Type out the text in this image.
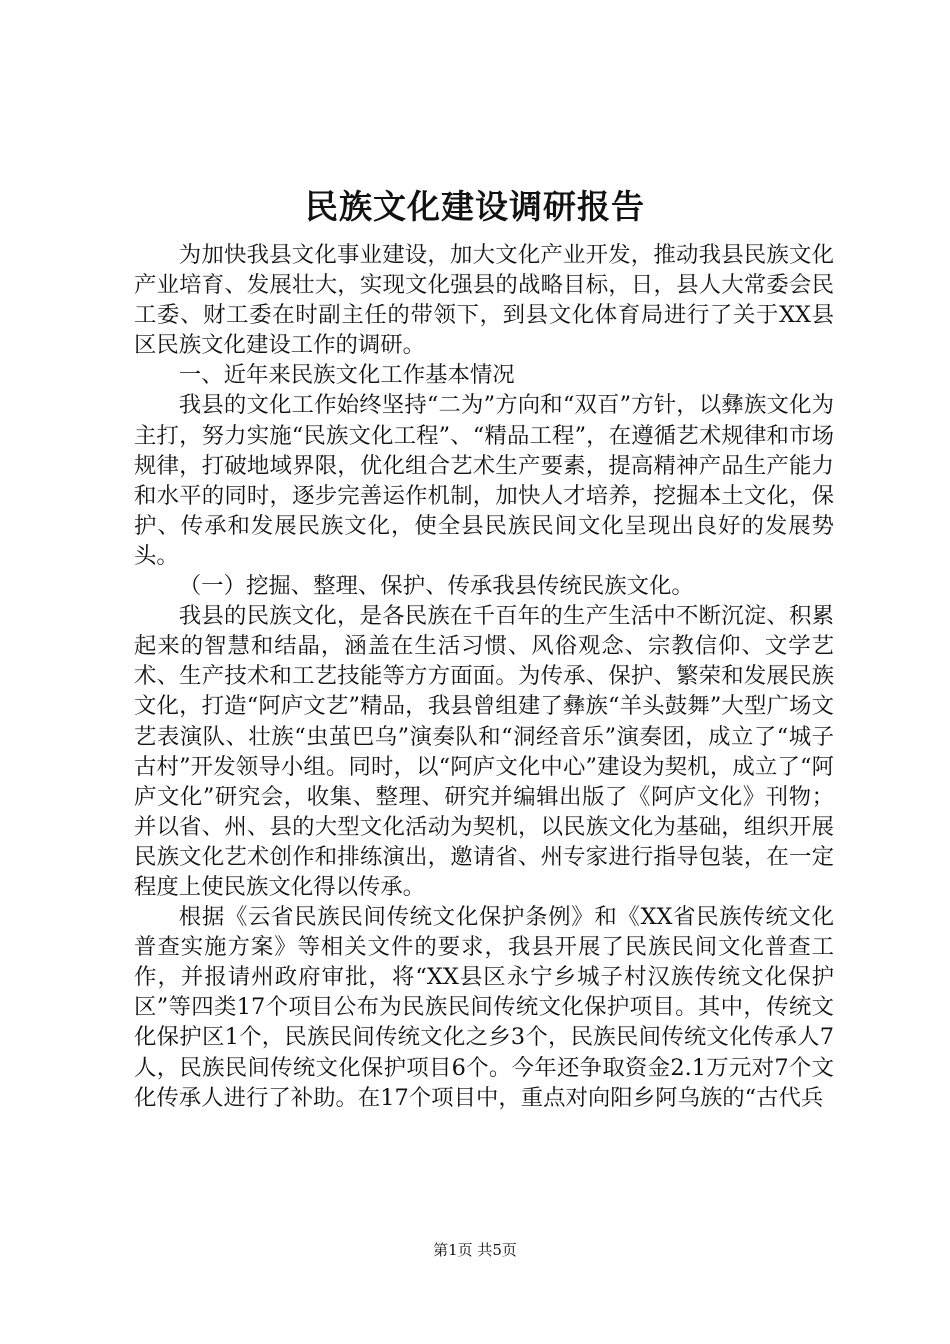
民族文化建设调研报告

为加快我县文化事业建设，加大文化产业开发，推动我县民族文化产业培育、发展壮大，实现文化强县的战略目标，日，县人大常委会民工委、财工委在时副主任的带领下，到县文化体育局进行了关于XX县区民族文化建设工作的调研。

一、近年来民族文化工作基本情况

我县的文化工作始终坚持“二为”方向和“双百”方针，以彝族文化为主打，努力实施“民族文化工程”、“精品工程”，在遵循艺术规律和市场规律，打破地域界限，优化组合艺术生产要素，提高精神产品生产能力和水平的同时，逐步完善运作机制，加快人才培养，挖掘本土文化，保护、传承和发展民族文化，使全县民族民间文化呈现出良好的发展势头。

（一）挖掘、整理、保护、传承我县传统民族文化。

我县的民族文化，是各民族在千百年的生产生活中不断沉淀、积累起来的智慧和结晶，涵盖在生活习惯、风俗观念、宗教信仰、文学艺术、生产技术和工艺技能等方方面面。为传承、保护、繁荣和发展民族文化，打造“阿庐文艺”精品，我县曾组建了彝族“羊头鼓舞”大型广场文艺表演队、壮族“虫茧巴乌”演奏队和“洞经音乐”演奏团，成立了“城子古村”开发领导小组。同时，以“阿庐文化中心”建设为契机，成立了“阿庐文化”研究会，收集、整理、研究并编辑出版了《阿庐文化》刊物；并以省、州、县的大型文化活动为契机，以民族文化为基础，组织开展民族文化艺术创作和排练演出，邀请省、州专家进行指导包装，在一定程度上使民族文化得以传承。

根据《云省民族民间传统文化保护条例》和《XX省民族传统文化普查实施方案》等相关文件的要求，我县开展了民族民间文化普查工作，并报请州政府审批，将“XX县区永宁乡城子村汉族传统文化保护区”等四类17个项目公布为民族民间传统文化保护项目。其中，传统文化保护区1个，民族民间传统文化之乡3个，民族民间传统文化传承人7人，民族民间传统文化保护项目6个。今年还争取资金2.1万元对7个文化传承人进行了补助。在17个项目中，重点对向阳乡阿乌族的“古代兵

第1页 共5页
